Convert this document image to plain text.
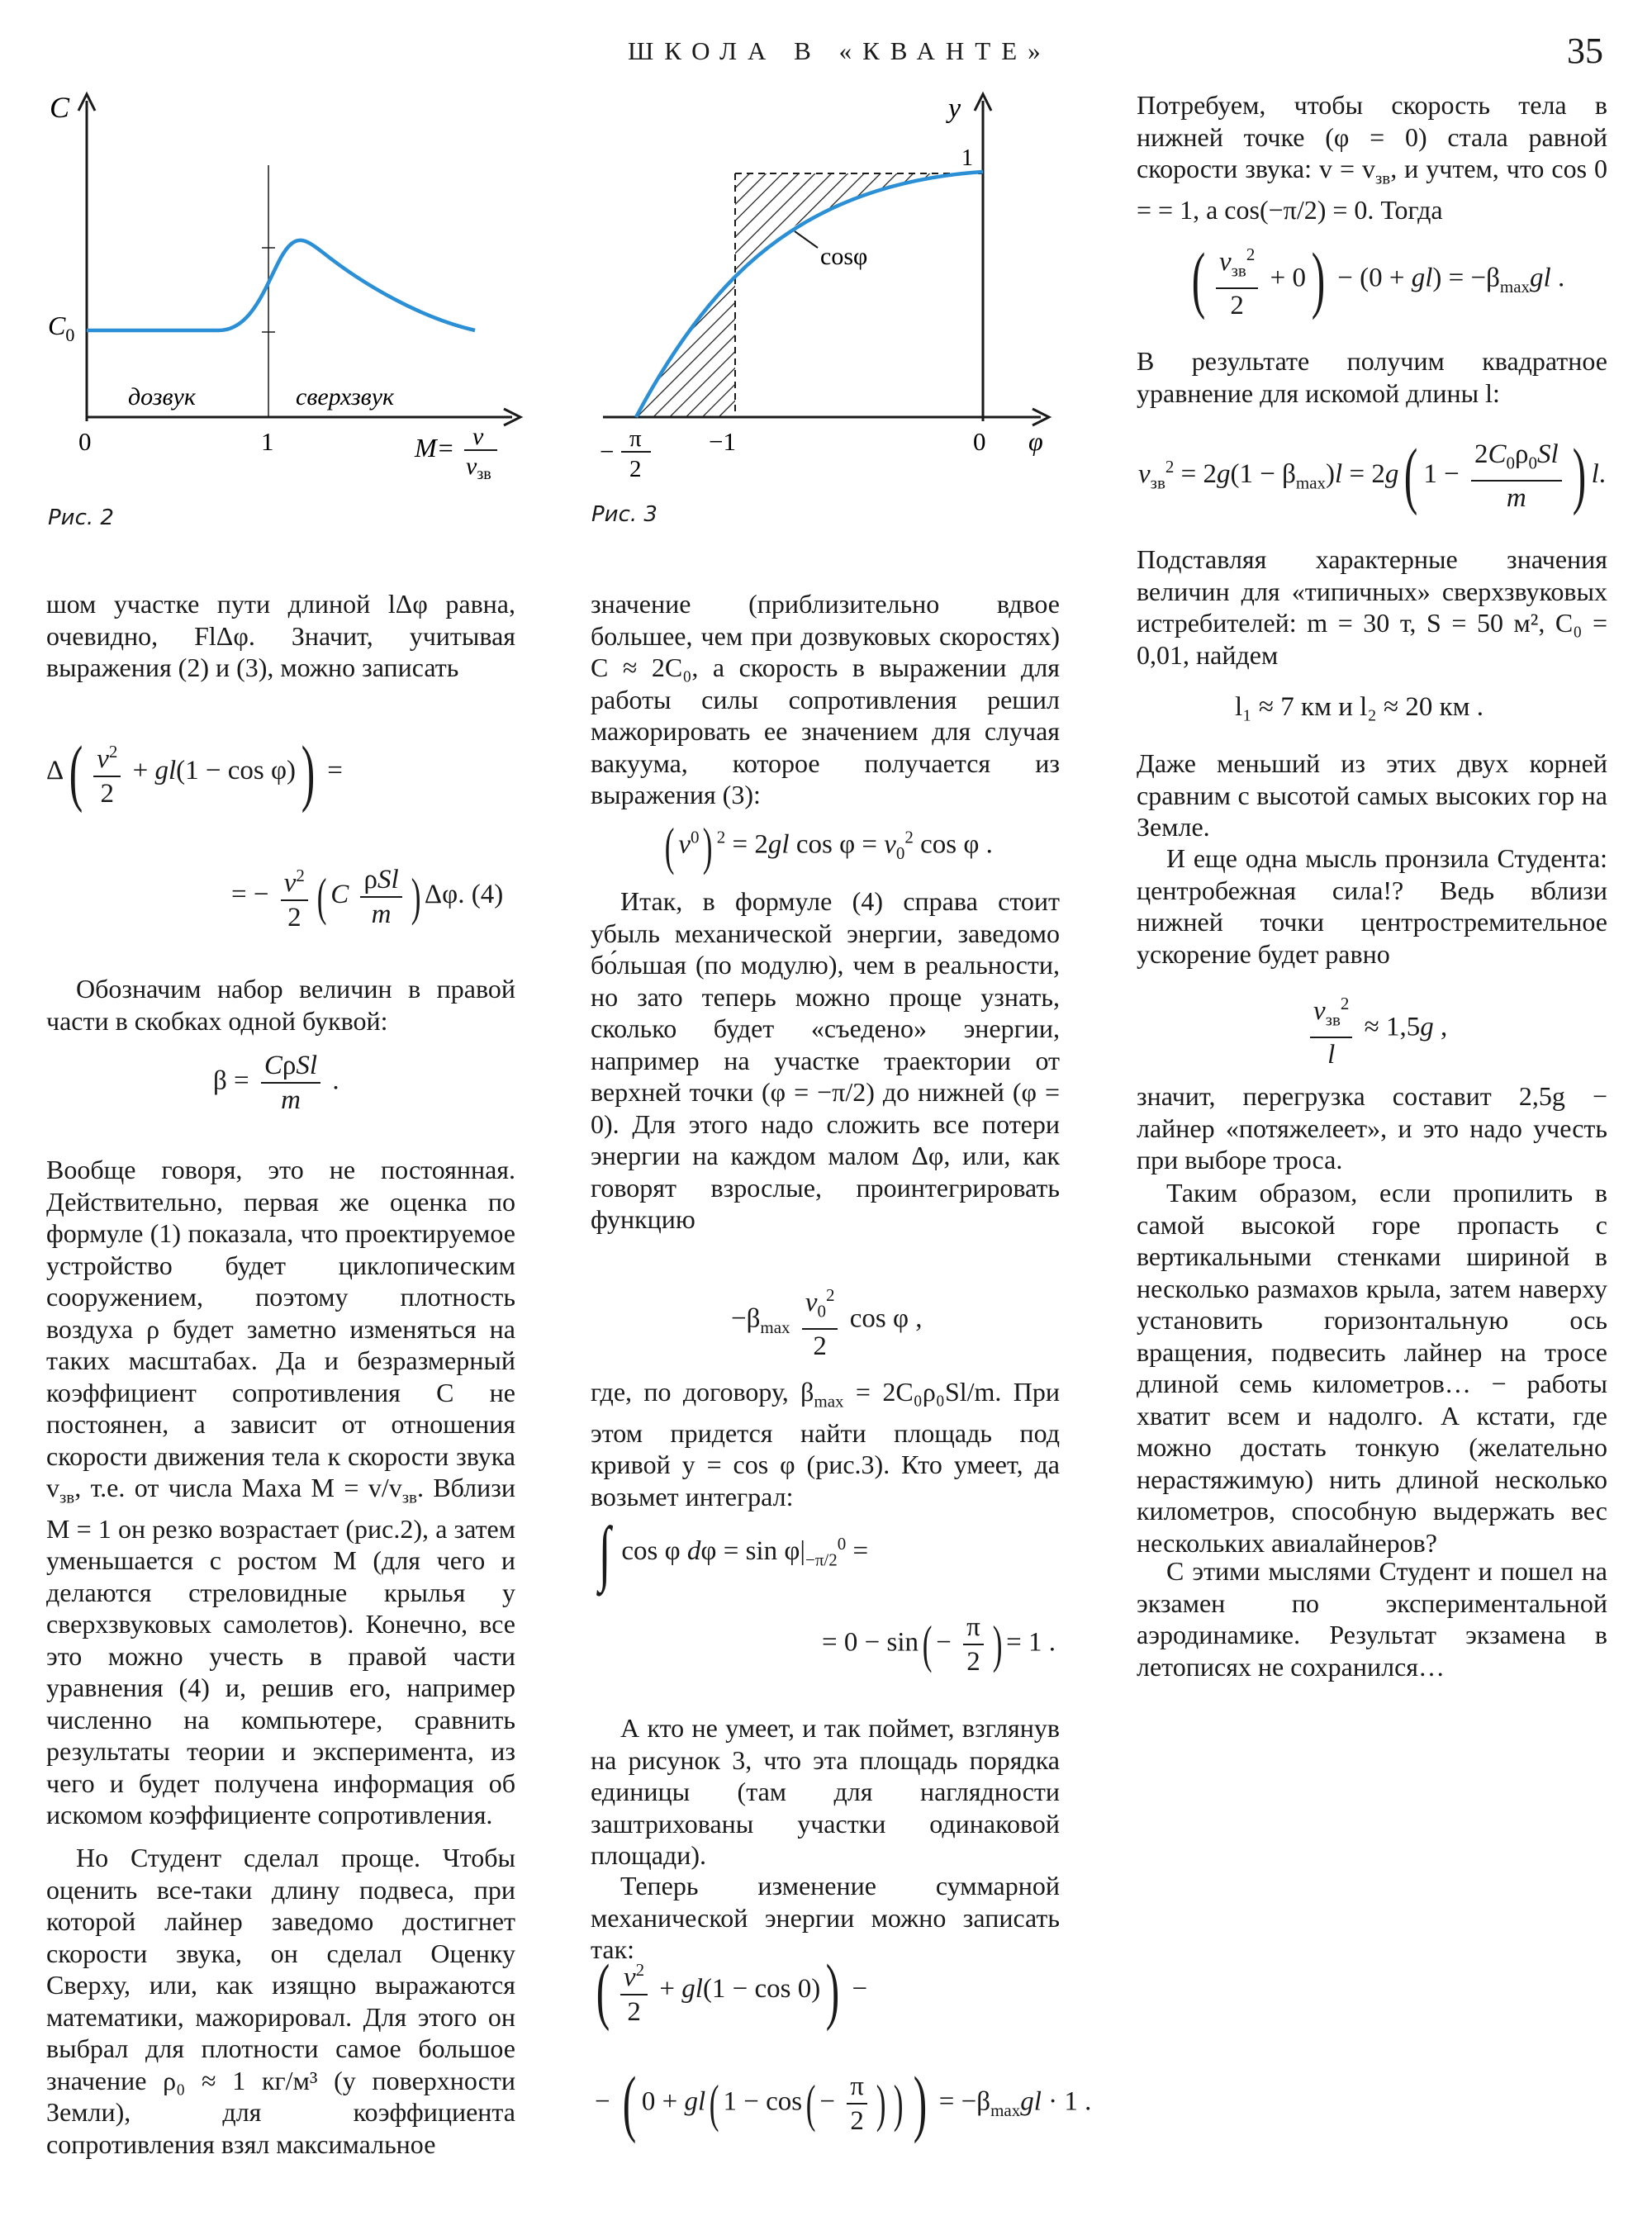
ШКОЛА В «КВАНТЕ»	35
C
$C_0$
дозвук	сверхзвук
0	1	M= v
$v_{зв}$
Рис. 2
cosφ
y
1
−1	0 φ
− π
2
Рис. 3

шом участке пути длиной lΔφ равна, очевидно, FlΔφ. Значит, учитывая выражения (2) и (3), можно записать

$\Delta( \frac{v^2}{2} + gl(1 - \cos \varphi))$ =
= − $\frac{v^2}{2}$ ( C $\frac{\text{ρSl}}{m}$ ) Δφ. (4)

Обозначим набор величин в правой части в скобках одной буквой:

$\beta = \frac{\text{CρSl}}{m}$ .

Вообще говоря, это не постоянная. Действительно, первая же оценка по формуле (1) показала, что проектируемое устройство будет циклопическим сооружением, поэтому плотность воздуха ρ будет заметно изменяться на таких масштабах. Да и безразмерный коэффициент сопротивления C не постоянен, а зависит от отношения скорости движения тела к скорости звука $v_{зв}$, т.е. от числа Маха $M = v/v_{зв}$. Вблизи M = 1 он резко возрастает (рис.2), а затем уменьшается с ростом M (для чего и делаются стреловидные крылья у сверхзвуковых самолетов). Конечно, все это можно учесть в правой части уравнения (4) и, решив его, например численно на компьютере, сравнить результаты теории и эксперимента, из чего и будет получена информация об искомом коэффициенте сопротивления.

Но Студент сделал проще. Чтобы оценить все-таки длину подвеса, при которой лайнер заведомо достигнет скорости звука, он сделал Оценку Сверху, или, как изящно выражаются математики, мажорировал. Для этого он выбрал для плотности самое большое значение ρ₀ ≈ 1 кг/м³ (у поверхности Земли), для коэффициента сопротивления взял максимальное

значение (приблизительно вдвое большее, чем при дозвуковых скоростях) C ≈ 2C₀, а скорость в выражении для работы силы сопротивления решил мажорировать ее значением для случая вакуума, которое получается из выражения (3):

( $v^0$) $^2$ = 2gl $\cos \varphi = v_0^2$ cos φ .

Итак, в формуле (4) справа стоит убыль механической энергии, заведомо бо́льшая (по модулю), чем в реальности, но зато теперь можно проще узнать, сколько будет «съедено» энергии, например на участке траектории от верхней точки (φ = −π/2) до нижней (φ = 0). Для этого надо сложить все потери энергии на каждом малом Δφ, или, как говорят взрослые, проинтегрировать функцию

$-\beta_{max} \frac{v_0^2}{2}$ cos φ ,

где, по договору, $\beta_{max} = 2C_0\rho_0Sl/m$. При этом придется найти площадь под кривой y = cos φ (рис.3). Кто умеет, да возьмет интеграл:

∫ cos φ $d\varphi = \sin \varphi|_{-\pi/2}^0$ =
= $0 - \sin( - \frac{\pi}{2}$ ) = 1 .

А кто не умеет, и так поймет, взглянув на рисунок 3, что эта площадь порядка единицы (там для наглядности заштрихованы участки одинаковой площади).

Теперь изменение суммарной механической энергии можно записать так:

( $\frac{v^2}{2} + gl(1 - \cos 0)$) −
− ( 0 + gl( $1 - \cos( - \frac{\pi}{2}$ ) ) ) = $-\beta_{max}gl \cdot 1$ .

Потребуем, чтобы скорость тела в нижней точке (φ = 0) стала равной скорости звука: $v = v_{зв}$, и учтем, что cos 0 = = 1, а cos(−π/2) = 0. Тогда

( $\frac{v_{зв}^2}{2} + 0) - (0 + gl) = -\beta_{max}gl$ .

В результате получим квадратное уравнение для искомой длины l:

$v_{зв}^2 = 2g(1 - \beta_{max})l = 2g$( $1 - \frac{2C_0\rho_0Sl}{m}$ ) l.

Подставляя характерные значения величин для «типичных» сверхзвуковых истребителей: m = 30 т, S = 50 м², C₀ = 0,01, найдем

l₁ ≈ 7 км и l₂ ≈ 20 км .

Даже меньший из этих двух корней сравним с высотой самых высоких гор на Земле.

И еще одна мысль пронзила Студента: центробежная сила!? Ведь вблизи нижней точки центростремительное ускорение будет равно

$\frac{v_{зв}^2}{l} \approx 1,5g$ ,

значит, перегрузка составит 2,5g − лайнер «потяжелеет», и это надо учесть при выборе троса.

Таким образом, если пропилить в самой высокой горе пропасть с вертикальными стенками шириной в несколько размахов крыла, затем наверху установить горизонтальную ось вращения, подвесить лайнер на тросе длиной семь километров… − работы хватит всем и надолго. А кстати, где можно достать тонкую (желательно нерастяжимую) нить длиной несколько километров, способную выдержать вес нескольких авиалайнеров?

С этими мыслями Студент и пошел на экзамен по экспериментальной аэродинамике. Результат экзамена в летописях не сохранился…
